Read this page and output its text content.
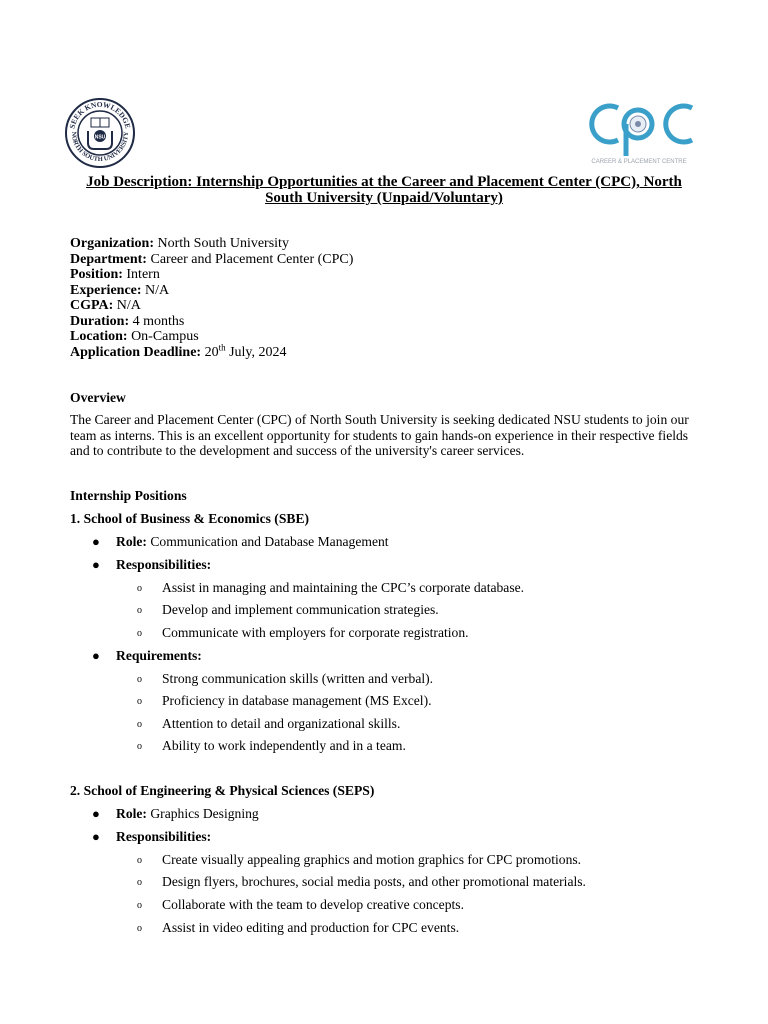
SEEK KNOWLEDGE
NORTH SOUTH UNIVERSITY
NSU
CAREER & PLACEMENT CENTRE
Job Description: Internship Opportunities at the Career and Placement Center (CPC), North
South University (Unpaid/Voluntary)
Organization: North South University
Department: Career and Placement Center (CPC)
Position: Intern
Experience: N/A
CGPA: N/A
Duration: 4 months
Location: On-Campus
Application Deadline: 20th July, 2024
Overview
The Career and Placement Center (CPC) of North South University is seeking dedicated NSU students to join our team as interns. This is an excellent opportunity for students to gain hands-on experience in their respective fields and to contribute to the development and success of the university's career services.
Internship Positions
1. School of Business & Economics (SBE)
● Role: Communication and Database Management
● Responsibilities:
o Assist in managing and maintaining the CPC’s corporate database.
o Develop and implement communication strategies.
o Communicate with employers for corporate registration.
● Requirements:
o Strong communication skills (written and verbal).
o Proficiency in database management (MS Excel).
o Attention to detail and organizational skills.
o Ability to work independently and in a team.
2. School of Engineering & Physical Sciences (SEPS)
● Role: Graphics Designing
● Responsibilities:
o Create visually appealing graphics and motion graphics for CPC promotions.
o Design flyers, brochures, social media posts, and other promotional materials.
o Collaborate with the team to develop creative concepts.
o Assist in video editing and production for CPC events.
